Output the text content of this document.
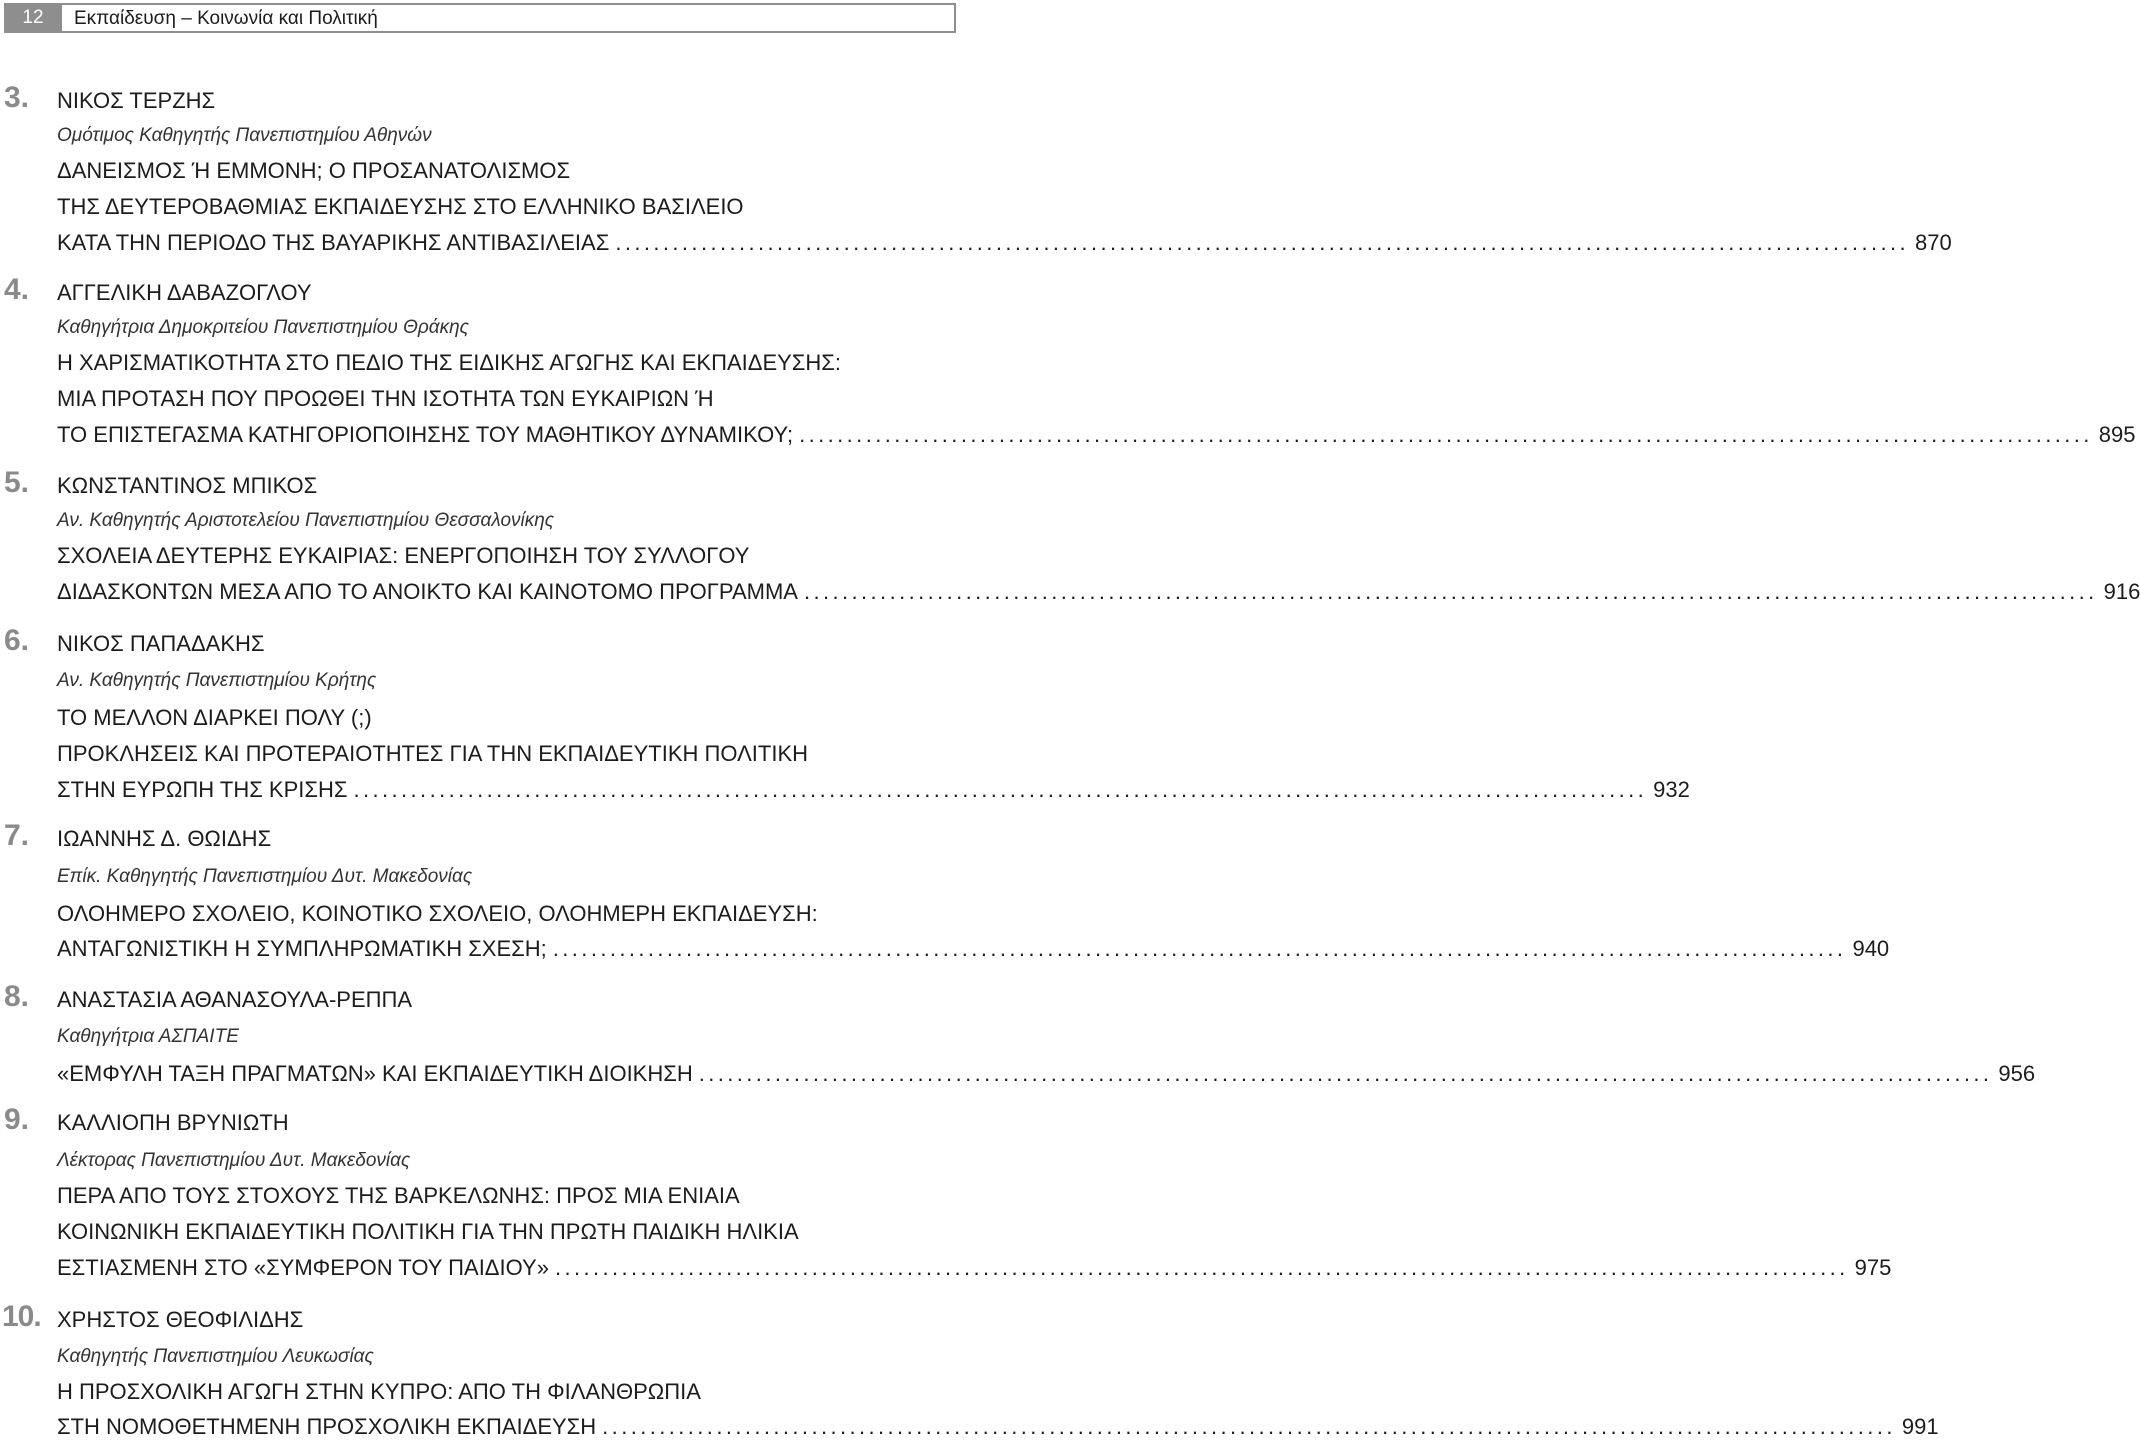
12	Εκπαίδευση – Κοινωνία και Πολιτική
3. ΝΙΚΟΣ ΤΕΡΖΗΣ
Ομότιμος Καθηγητής Πανεπιστημίου Αθηνών
ΔΑΝΕΙΣΜΟΣ Ή ΕΜΜΟΝΗ; Ο ΠΡΟΣΑΝΑΤΟΛΙΣΜΟΣ
ΤΗΣ ΔΕΥΤΕΡΟΒΑΘΜΙΑΣ ΕΚΠΑΙΔΕΥΣΗΣ ΣΤΟ ΕΛΛΗΝΙΚΟ ΒΑΣΙΛΕΙΟ
ΚΑΤΑ ΤΗΝ ΠΕΡΙΟΔΟ ΤΗΣ ΒΑΥΑΡΙΚΗΣ ΑΝΤΙΒΑΣΙΛΕΙΑΣ ........................................................................................................................................ 870
4. ΑΓΓΕΛΙΚΗ ΔΑΒΑΖΟΓΛΟΥ
Καθηγήτρια Δημοκριτείου Πανεπιστημίου Θράκης
Η ΧΑΡΙΣΜΑΤΙΚΟΤΗΤΑ ΣΤΟ ΠΕΔΙΟ ΤΗΣ ΕΙΔΙΚΗΣ ΑΓΩΓΗΣ ΚΑΙ ΕΚΠΑΙΔΕΥΣΗΣ:
ΜΙΑ ΠΡΟΤΑΣΗ ΠΟΥ ΠΡΟΩΘΕΙ ΤΗΝ ΙΣΟΤΗΤΑ ΤΩΝ ΕΥΚΑΙΡΙΩΝ Ή
ΤΟ ΕΠΙΣΤΕΓΑΣΜΑ ΚΑΤΗΓΟΡΙΟΠΟΙΗΣΗΣ ΤΟΥ ΜΑΘΗΤΙΚΟΥ ΔΥΝΑΜΙΚΟΥ; ........................................................................................................................................ 895
5. ΚΩΝΣΤΑΝΤΙΝΟΣ ΜΠΙΚΟΣ
Αν. Καθηγητής Αριστοτελείου Πανεπιστημίου Θεσσαλονίκης
ΣΧΟΛΕΙΑ ΔΕΥΤΕΡΗΣ ΕΥΚΑΙΡΙΑΣ: ΕΝΕΡΓΟΠΟΙΗΣΗ ΤΟΥ ΣΥΛΛΟΓΟΥ
ΔΙΔΑΣΚΟΝΤΩΝ ΜΕΣΑ ΑΠΟ ΤΟ ΑΝΟΙΚΤΟ ΚΑΙ ΚΑΙΝΟΤΟΜΟ ΠΡΟΓΡΑΜΜΑ ........................................................................................................................................ 916
6. ΝΙΚΟΣ ΠΑΠΑΔΑΚΗΣ
Αν. Καθηγητής Πανεπιστημίου Κρήτης
ΤΟ ΜΕΛΛΟΝ ΔΙΑΡΚΕΙ ΠΟΛΥ (;)
ΠΡΟΚΛΗΣΕΙΣ ΚΑΙ ΠΡΟΤΕΡΑΙΟΤΗΤΕΣ ΓΙΑ ΤΗΝ ΕΚΠΑΙΔΕΥΤΙΚΗ ΠΟΛΙΤΙΚΗ
ΣΤΗΝ ΕΥΡΩΠΗ ΤΗΣ ΚΡΙΣΗΣ ........................................................................................................................................ 932
7. ΙΩΑΝΝΗΣ Δ. ΘΩΙΔΗΣ
Επίκ. Καθηγητής Πανεπιστημίου Δυτ. Μακεδονίας
ΟΛΟΗΜΕΡΟ ΣΧΟΛΕΙΟ, ΚΟΙΝΟΤΙΚΟ ΣΧΟΛΕΙΟ, ΟΛΟΗΜΕΡΗ ΕΚΠΑΙΔΕΥΣΗ:
ΑΝΤΑΓΩΝΙΣΤΙΚΗ Η ΣΥΜΠΛΗΡΩΜΑΤΙΚΗ ΣΧΕΣΗ; ........................................................................................................................................ 940
8. ΑΝΑΣΤΑΣΙΑ ΑΘΑΝΑΣΟΥΛΑ-ΡΕΠΠΑ
Καθηγήτρια ΑΣΠΑΙΤΕ
«ΕΜΦΥΛΗ ΤΑΞΗ ΠΡΑΓΜΑΤΩΝ» ΚΑΙ ΕΚΠΑΙΔΕΥΤΙΚΗ ΔΙΟΙΚΗΣΗ ........................................................................................................................................ 956
9. ΚΑΛΛΙΟΠΗ ΒΡΥΝΙΩΤΗ
Λέκτορας Πανεπιστημίου Δυτ. Μακεδονίας
ΠΕΡΑ ΑΠΟ ΤΟΥΣ ΣΤΟΧΟΥΣ ΤΗΣ ΒΑΡΚΕΛΩΝΗΣ: ΠΡΟΣ ΜΙΑ ΕΝΙΑΙΑ
ΚΟΙΝΩΝΙΚΗ ΕΚΠΑΙΔΕΥΤΙΚΗ ΠΟΛΙΤΙΚΗ ΓΙΑ ΤΗΝ ΠΡΩΤΗ ΠΑΙΔΙΚΗ ΗΛΙΚΙΑ
ΕΣΤΙΑΣΜΕΝΗ ΣΤΟ «ΣΥΜΦΕΡΟΝ ΤΟΥ ΠΑΙΔΙΟΥ» ........................................................................................................................................ 975
10. ΧΡΗΣΤΟΣ ΘΕΟΦΙΛΙΔΗΣ
Καθηγητής Πανεπιστημίου Λευκωσίας
Η ΠΡΟΣΧΟΛΙΚΗ ΑΓΩΓΗ ΣΤΗΝ ΚΥΠΡΟ: ΑΠΟ ΤΗ ΦΙΛΑΝΘΡΩΠΙΑ
ΣΤΗ ΝΟΜΟΘΕΤΗΜΕΝΗ ΠΡΟΣΧΟΛΙΚΗ ΕΚΠΑΙΔΕΥΣΗ ........................................................................................................................................ 991
